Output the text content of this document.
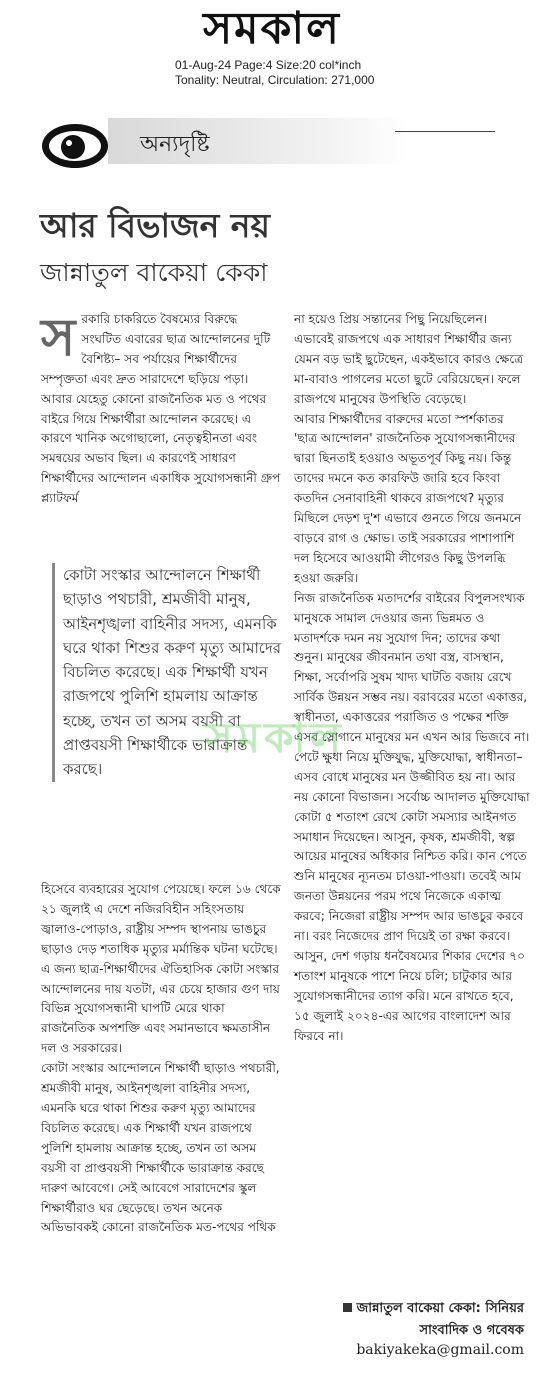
সমকাল
01-Aug-24 Page:4 Size:20 col*inch
Tonality: Neutral, Circulation: 271,000
অন্যদৃষ্টি
আর বিভাজন নয়
জান্নাতুল বাকেয়া কেকা
স রকারি চাকরিতে বৈষম্যের বিরুদ্ধে সংঘটিত এবারের ছাত্র আন্দোলনের দুটি বৈশিষ্ট্য– সব পর্যায়ের শিক্ষার্থীদের সম্পৃক্ততা এবং দ্রুত সারাদেশে ছড়িয়ে পড়া। আবার যেহেতু কোনো রাজনৈতিক মত ও পথের বাইরে গিয়ে শিক্ষার্থীরা আন্দোলন করেছে। এ কারণে খানিক অগোছালো, নেতৃত্বহীনতা এবং সমন্বয়ের অভাব ছিল। এ কারণেই সাধারণ শিক্ষার্থীদের আন্দোলন একাধিক সুযোগসন্ধানী গ্রুপ প্ল্যাটফর্ম

কোটা সংস্কার আন্দোলনে শিক্ষার্থী ছাড়াও পথচারী, শ্রমজীবী মানুষ, আইনশৃঙ্খলা বাহিনীর সদস্য, এমনকি ঘরে থাকা শিশুর করুণ মৃত্যু আমাদের বিচলিত করেছে। এক শিক্ষার্থী যখন রাজপথে পুলিশি হামলায় আক্রান্ত হচ্ছে, তখন তা অসম বয়সী বা প্রাপ্তবয়সী শিক্ষার্থীকে ভারাক্রান্ত করছে।

হিসেবে ব্যবহারের সুযোগ পেয়েছে। ফলে ১৬ থেকে ২১ জুলাই এ দেশে নজিরবিহীন সহিংসতায় জ্বালাও-পোড়াও, রাষ্ট্রীয় সম্পদ স্থাপনায় ভাঙচুর ছাড়াও দেড় শতাধিক মৃত্যুর মর্মান্তিক ঘটনা ঘটেছে। এ জন্য ছাত্র-শিক্ষার্থীদের ঐতিহাসিক কোটা সংস্কার আন্দোলনের দায় যতটা, এর চেয়ে হাজার গুণ দায় বিভিন্ন সুযোগসন্ধানী ঘাপটি মেরে থাকা রাজনৈতিক অপশক্তি এবং সমানভাবে ক্ষমতাসীন দল ও সরকারের।

কোটা সংস্কার আন্দোলনে শিক্ষার্থী ছাড়াও পথচারী, শ্রমজীবী মানুষ, আইনশৃঙ্খলা বাহিনীর সদস্য, এমনকি ঘরে থাকা শিশুর করুণ মৃত্যু আমাদের বিচলিত করেছে। এক শিক্ষার্থী যখন রাজপথে পুলিশি হামলায় আক্রান্ত হচ্ছে, তখন তা অসম বয়সী বা প্রাপ্তবয়সী শিক্ষার্থীকে ভারাক্রান্ত করছে দারুণ আবেগে। সেই আবেগে সারাদেশের স্কুল শিক্ষার্থীরাও ঘর ছেড়েছে। তখন অনেক অভিভাবকই কোনো রাজনৈতিক মত-পথের পথিক

না হয়েও প্রিয় সন্তানের পিছু নিয়েছিলেন। এভাবেই রাজপথে এক সাধারণ শিক্ষার্থীর জন্য যেমন বড় ভাই ছুটেছেন, একইভাবে কারও ক্ষেত্রে মা-বাবাও পাগলের মতো ছুটে বেরিয়েছেন। ফলে রাজপথে মানুষের উপস্থিতি বেড়েছে।

আবার শিক্ষার্থীদের বারুদের মতো স্পর্শকাতর 'ছাত্র আন্দোলন' রাজনৈতিক সুযোগসন্ধানীদের দ্বারা ছিনতাই হওয়াও অভূতপূর্ব কিছু নয়। কিন্তু তাদের দমনে কত কারফিউ জারি হবে কিংবা কতদিন সেনাবাহিনী থাকবে রাজপথে? মৃত্যুর মিছিলে দেড়শ দু'শ এভাবে গুনতে গিয়ে জনমনে বাড়বে রাগ ও ক্ষোভ। তাই সরকারের পাশাপাশি দল হিসেবে আওয়ামী লীগেরও কিছু উপলব্ধি হওয়া জরুরি।

নিজ রাজনৈতিক মতাদর্শের বাইরের বিপুলসংখ্যক মানুষকে সামাল দেওয়ার জন্য ভিন্নমত ও মতাদর্শকে দমন নয় সুযোগ দিন; তাদের কথা শুনুন। মানুষের জীবনমান তথা বস্ত্র, বাসস্থান, শিক্ষা, সর্বোপরি সুষম খাদ্য ঘাটতি বজায় রেখে সার্বিক উন্নয়ন সম্ভব নয়। বরাবরের মতো একাত্তর, স্বাধীনতা, একাত্তরের পরাজিত ও পক্ষের শক্তি এসব স্লোগানে মানুষের মন এখন আর ভিজবে না। পেটে ক্ষুধা নিয়ে মুক্তিযুদ্ধ, মুক্তিযোদ্ধা, স্বাধীনতা– এসব বোধে মানুষের মন উজ্জীবিত হয় না। আর নয় কোনো বিভাজন। সর্বোচ্চ আদালত মুক্তিযোদ্ধা কোটা ৫ শতাংশ রেখে কোটা সমস্যার আইনগত সমাধান দিয়েছেন। আসুন, কৃষক, শ্রমজীবী, স্বল্প আয়ের মানুষের অধিকার নিশ্চিত করি। কান পেতে শুনি মানুষের ন্যূনতম চাওয়া-পাওয়া। তবেই আম জনতা উন্নয়নের পরম পথে নিজেকে একাত্ম করবে; নিজেরা রাষ্ট্রীয় সম্পদ আর ভাঙচুর করবে না। বরং নিজেদের প্রাণ দিয়েই তা রক্ষা করবে। আসুন, দেশ গড়ায় ধনবৈষম্যের শিকার দেশের ৭০ শতাংশ মানুষকে পাশে নিয়ে চলি; চাটুকার আর সুযোগসন্ধানীদের ত্যাগ করি। মনে রাখতে হবে, ১৫ জুলাই ২০২৪-এর আগের বাংলাদেশ আর ফিরবে না।

সমকাল
জান্নাতুল বাকেয়া কেকা: সিনিয়র
সাংবাদিক ও গবেষক
bakiyakeka@gmail.com
